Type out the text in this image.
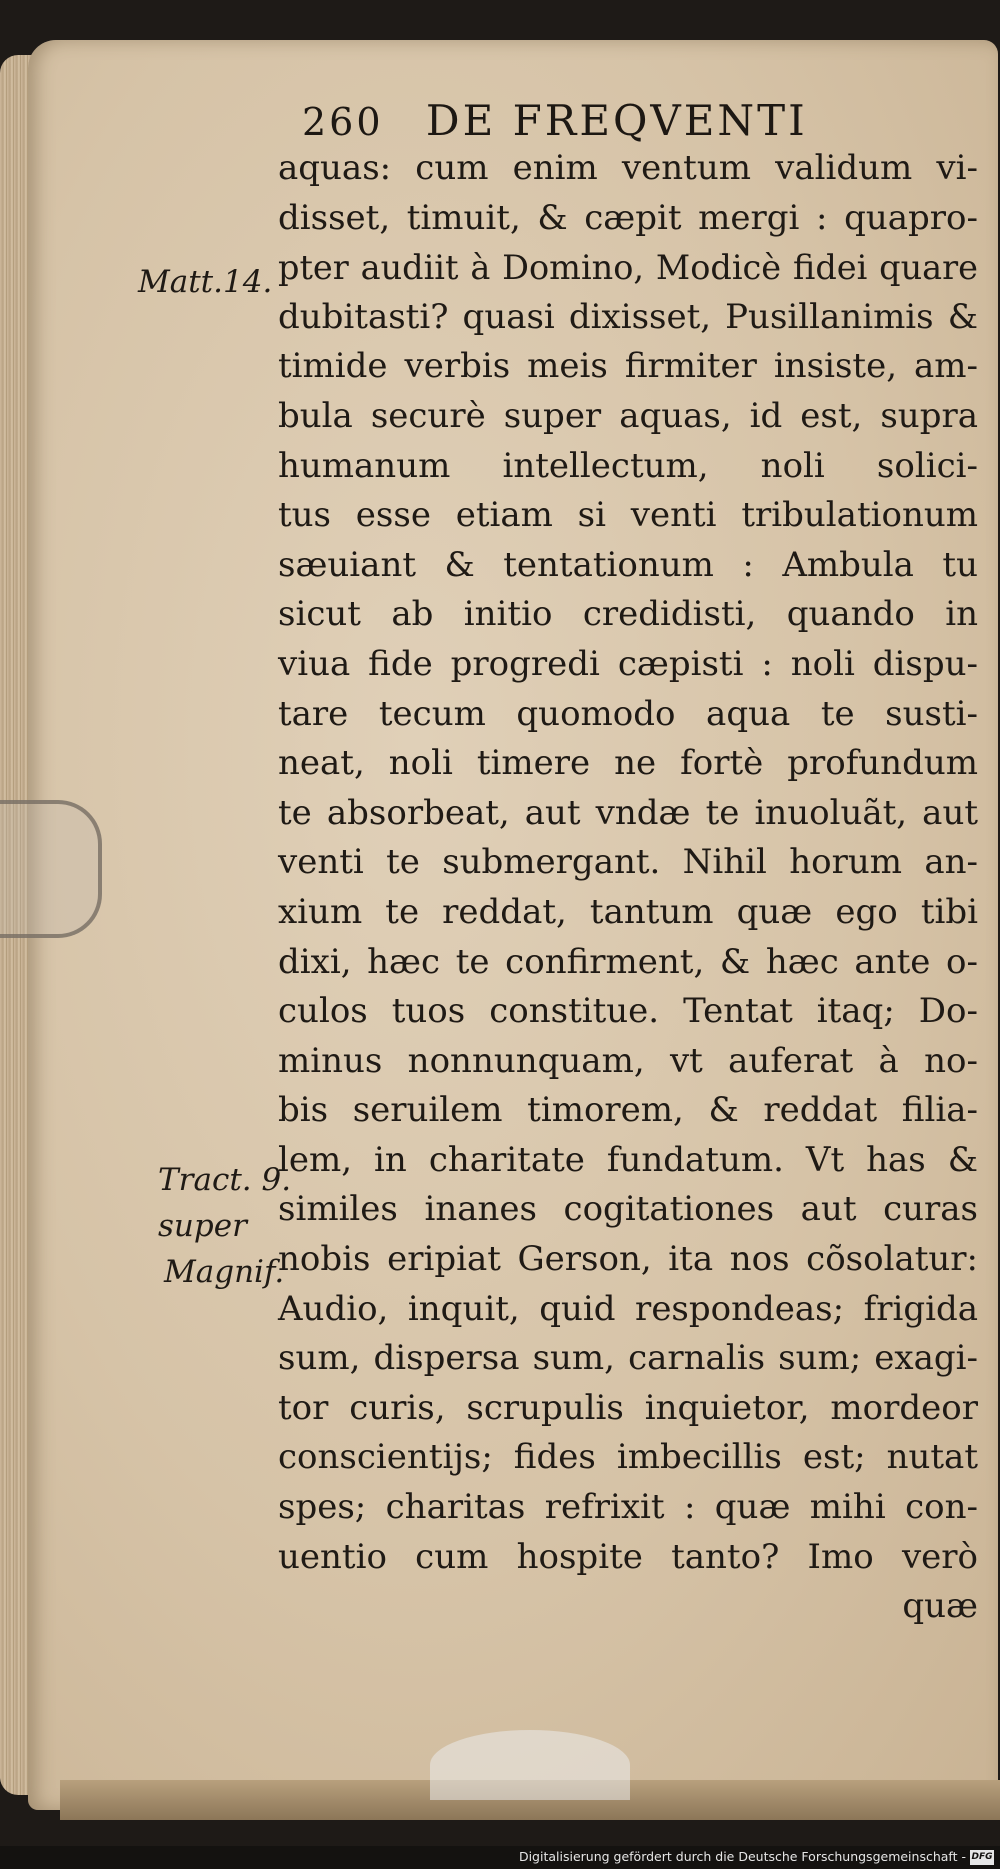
260 DE FREQVENTI
Matt.14.
Tract. 9.
super
Magnif.
aquas: cum enim ventum validum vi-
disset, timuit, & cæpit mergi : quapro-
pter audiit à Domino, Modicè fidei quare
dubitasti? quasi dixisset, Pusillanimis &
timide verbis meis firmiter insiste, am-
bula securè super aquas, id est, supra
humanum intellectum, noli solici-
tus esse etiam si venti tribulationum
sæuiant & tentationum : Ambula tu
sicut ab initio credidisti, quando in
viua fide progredi cæpisti : noli dispu-
tare tecum quomodo aqua te susti-
neat, noli timere ne fortè profundum
te absorbeat, aut vndæ te inuoluãt, aut
venti te submergant. Nihil horum an-
xium te reddat, tantum quæ ego tibi
dixi, hæc te confirment, & hæc ante o-
culos tuos constitue. Tentat itaq; Do-
minus nonnunquam, vt auferat à no-
bis seruilem timorem, & reddat filia-
lem, in charitate fundatum. Vt has &
similes inanes cogitationes aut curas
nobis eripiat Gerson, ita nos cõsolatur:
Audio, inquit, quid respondeas; frigida
sum, dispersa sum, carnalis sum; exagi-
tor curis, scrupulis inquietor, mordeor
conscientijs; fides imbecillis est; nutat
spes; charitas refrixit : quæ mihi con-
uentio cum hospite tanto? Imo verò
quæ
Digitalisierung gefördert durch die Deutsche Forschungsgemeinschaft - DFG
